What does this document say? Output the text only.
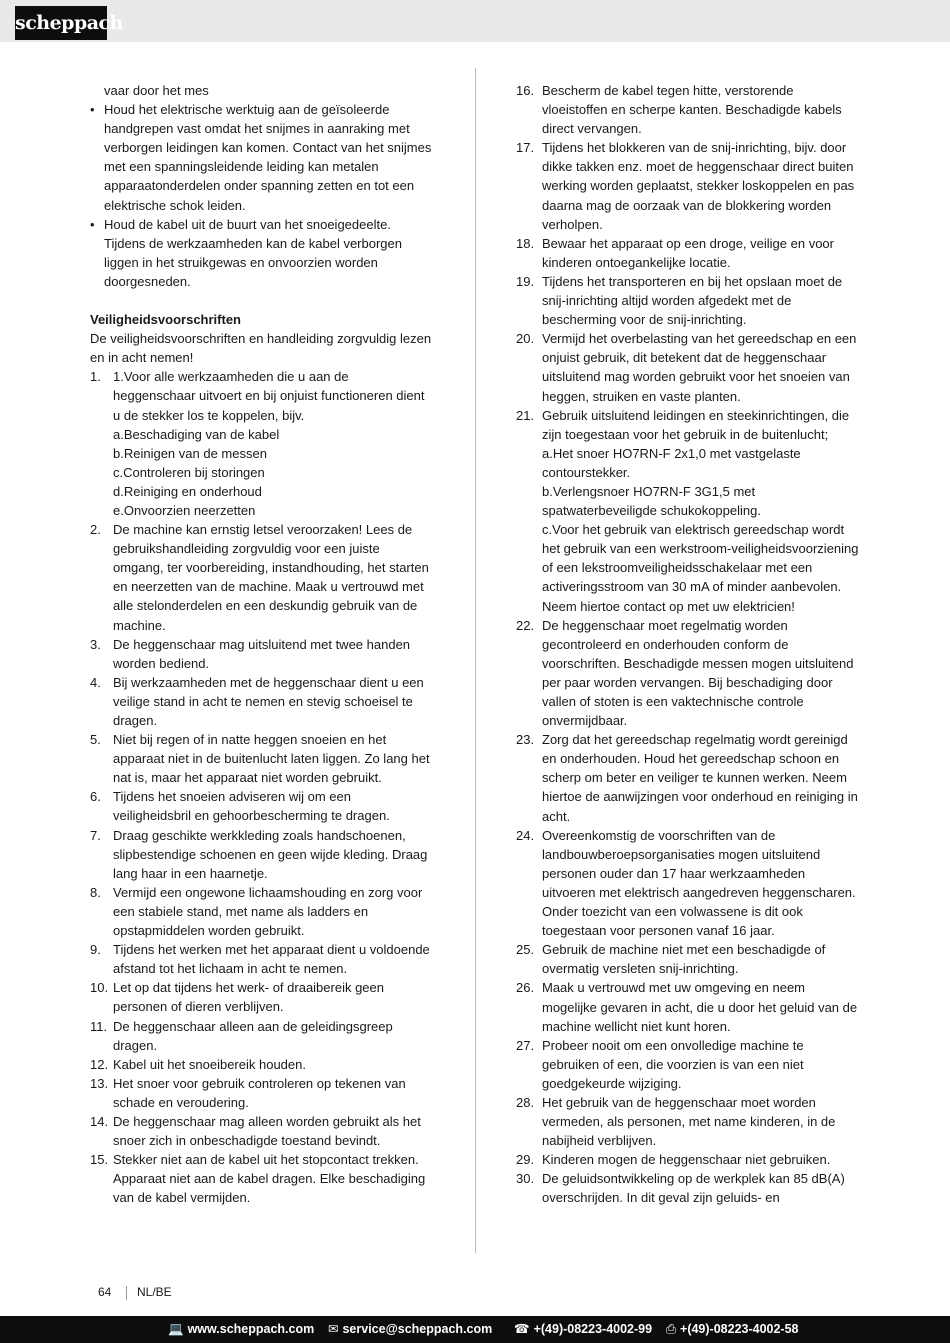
scheppach

vaar door het mes

• Houd het elektrische werktuig aan de geïsoleerde handgrepen vast omdat het snijmes in aanraking met verborgen leidingen kan komen. Contact van het snijmes met een spanningsleidende leiding kan metalen apparaatonderdelen onder spanning zetten en tot een elektrische schok leiden.
• Houd de kabel uit de buurt van het snoeigedeelte. Tijdens de werkzaamheden kan de kabel verborgen liggen in het struikgewas en onvoorzien worden doorgesneden.

Veiligheidsvoorschriften

De veiligheidsvoorschriften en handleiding zorgvuldig lezen en in acht nemen!

1. 1.Voor alle werkzaamheden die u aan de heggenschaar uitvoert en bij onjuist functioneren dient u de stekker los te koppelen, bijv.
a.Beschadiging van de kabel
b.Reinigen van de messen
c.Controleren bij storingen
d.Reiniging en onderhoud
e.Onvoorzien neerzetten
2. De machine kan ernstig letsel veroorzaken! Lees de gebruikshandleiding zorgvuldig voor een juiste omgang, ter voorbereiding, instandhouding, het starten en neerzetten van de machine. Maak u vertrouwd met alle stelonderdelen en een deskundig gebruik van de machine.
3. De heggenschaar mag uitsluitend met twee handen worden bediend.
4. Bij werkzaamheden met de heggenschaar dient u een veilige stand in acht te nemen en stevig schoeisel te dragen.
5. Niet bij regen of in natte heggen snoeien en het apparaat niet in de buitenlucht laten liggen. Zo lang het nat is, maar het apparaat niet worden gebruikt.
6. Tijdens het snoeien adviseren wij om een veiligheidsbril en gehoorbescherming te dragen.
7. Draag geschikte werkkleding zoals handschoenen, slipbestendige schoenen en geen wijde kleding. Draag lang haar in een haarnetje.
8. Vermijd een ongewone lichaamshouding en zorg voor een stabiele stand, met name als ladders en opstapmiddelen worden gebruikt.
9. Tijdens het werken met het apparaat dient u voldoende afstand tot het lichaam in acht te nemen.
10. Let op dat tijdens het werk- of draaibereik geen personen of dieren verblijven.
11. De heggenschaar alleen aan de geleidingsgreep dragen.
12. Kabel uit het snoeibereik houden.
13. Het snoer voor gebruik controleren op tekenen van schade en veroudering.
14. De heggenschaar mag alleen worden gebruikt als het snoer zich in onbeschadigde toestand bevindt.
15. Stekker niet aan de kabel uit het stopcontact trekken. Apparaat niet aan de kabel dragen. Elke beschadiging van de kabel vermijden.
16. Bescherm de kabel tegen hitte, verstorende vloeistoffen en scherpe kanten. Beschadigde kabels direct vervangen.
17. Tijdens het blokkeren van de snij-inrichting, bijv. door dikke takken enz. moet de heggenschaar direct buiten werking worden geplaatst, stekker loskoppelen en pas daarna mag de oorzaak van de blokkering worden verholpen.
18. Bewaar het apparaat op een droge, veilige en voor kinderen ontoegankelijke locatie.
19. Tijdens het transporteren en bij het opslaan moet de snij-inrichting altijd worden afgedekt met de bescherming voor de snij-inrichting.
20. Vermijd het overbelasting van het gereedschap en een onjuist gebruik, dit betekent dat de heggenschaar uitsluitend mag worden gebruikt voor het snoeien van heggen, struiken en vaste planten.
21. Gebruik uitsluitend leidingen en steekinrichtingen, die zijn toegestaan voor het gebruik in de buitenlucht;
a.Het snoer HO7RN-F 2x1,0 met vastgelaste contourstekker.
b.Verlengsnoer HO7RN-F 3G1,5 met spatwaterbeveiligde schukokoppeling.
c.Voor het gebruik van elektrisch gereedschap wordt het gebruik van een werkstroom-veiligheidsvoorziening of een lekstroomveiligheidsschakelaar met een activeringsstroom van 30 mA of minder aanbevolen. Neem hiertoe contact op met uw elektricien!
22. De heggenschaar moet regelmatig worden gecontroleerd en onderhouden conform de voorschriften. Beschadigde messen mogen uitsluitend per paar worden vervangen. Bij beschadiging door vallen of stoten is een vaktechnische controle onvermijdbaar.
23. Zorg dat het gereedschap regelmatig wordt gereinigd en onderhouden. Houd het gereedschap schoon en scherp om beter en veiliger te kunnen werken. Neem hiertoe de aanwijzingen voor onderhoud en reiniging in acht.
24. Overeenkomstig de voorschriften van de landbouwberoepsorganisaties mogen uitsluitend personen ouder dan 17 haar werkzaamheden uitvoeren met elektrisch aangedreven heggenscharen. Onder toezicht van een volwassene is dit ook toegestaan voor personen vanaf 16 jaar.
25. Gebruik de machine niet met een beschadigde of overmatig versleten snij-inrichting.
26. Maak u vertrouwd met uw omgeving en neem mogelijke gevaren in acht, die u door het geluid van de machine wellicht niet kunt horen.
27. Probeer nooit om een onvolledige machine te gebruiken of een, die voorzien is van een niet goedgekeurde wijziging.
28. Het gebruik van de heggenschaar moet worden vermeden, als personen, met name kinderen, in de nabijheid verblijven.
29. Kinderen mogen de heggenschaar niet gebruiken.
30. De geluidsontwikkeling op de werkplek kan 85 dB(A) overschrijden. In dit geval zijn geluids- en
64 NL/BE
💻 www.scheppach.com ✉ service@scheppach.com ☎ +(49)-08223-4002-99 ⎙ +(49)-08223-4002-58
